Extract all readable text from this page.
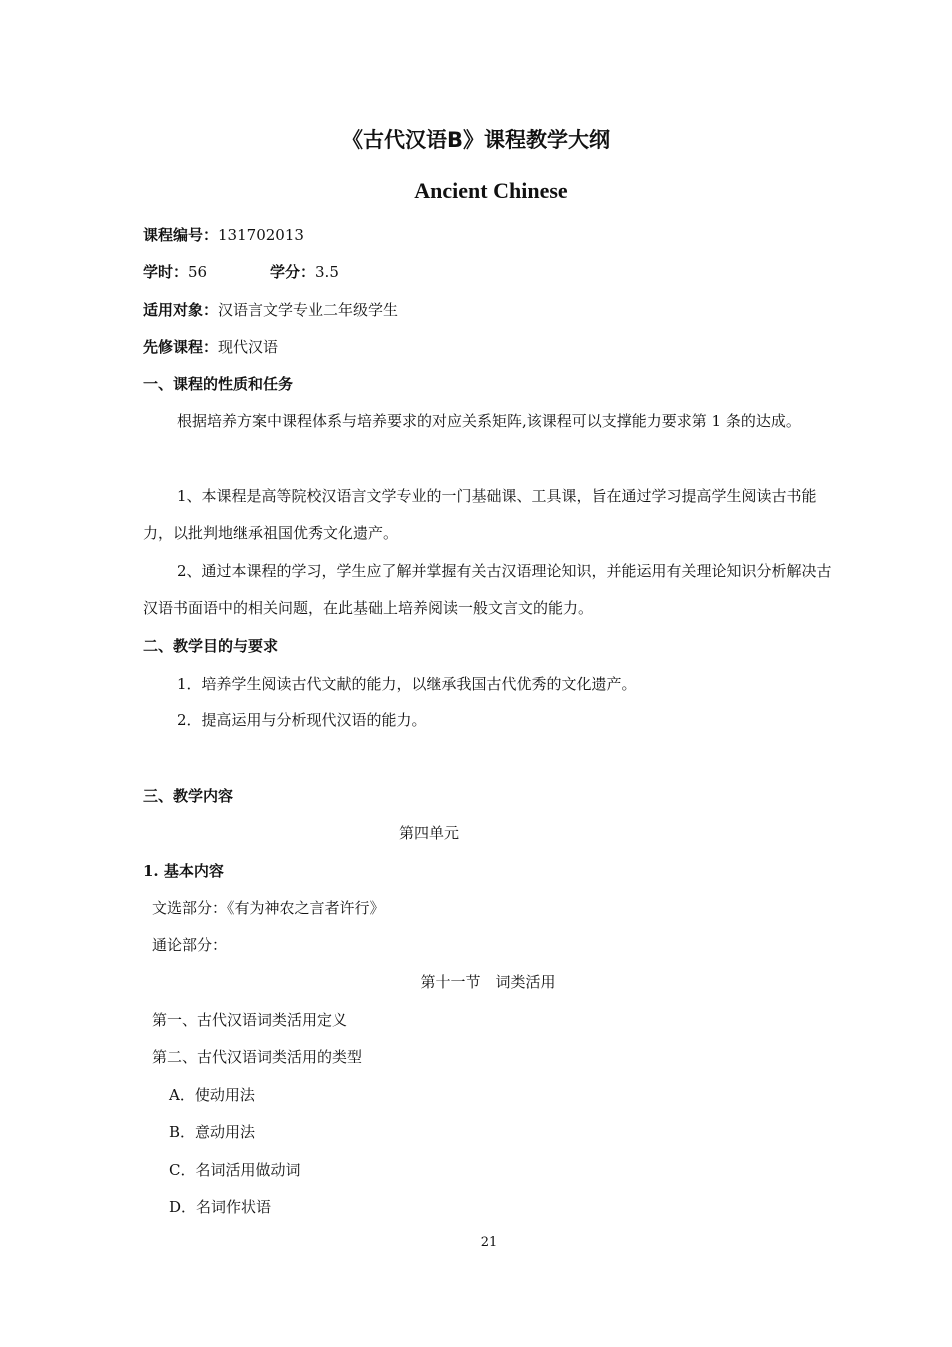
《古代汉语B》课程教学大纲
Ancient Chinese
课程编号：131702013
学时：56	学分：3.5
适用对象：汉语言文学专业二年级学生
先修课程：现代汉语
一、课程的性质和任务
根据培养方案中课程体系与培养要求的对应关系矩阵,该课程可以支撑能力要求第 1 条的达成。
1、本课程是高等院校汉语言文学专业的一门基础课、工具课，旨在通过学习提高学生阅读古书能力，以批判地继承祖国优秀文化遗产。
2、通过本课程的学习，学生应了解并掌握有关古汉语理论知识，并能运用有关理论知识分析解决古汉语书面语中的相关问题，在此基础上培养阅读一般文言文的能力。
二、教学目的与要求
1．培养学生阅读古代文献的能力，以继承我国古代优秀的文化遗产。
2．提高运用与分析现代汉语的能力。
三、教学内容
第四单元
1. 基本内容
文选部分：《有为神农之言者许行》
通论部分：
第十一节　词类活用
第一、古代汉语词类活用定义
第二、古代汉语词类活用的类型
A．使动用法
B．意动用法
C．名词活用做动词
D．名词作状语
21
